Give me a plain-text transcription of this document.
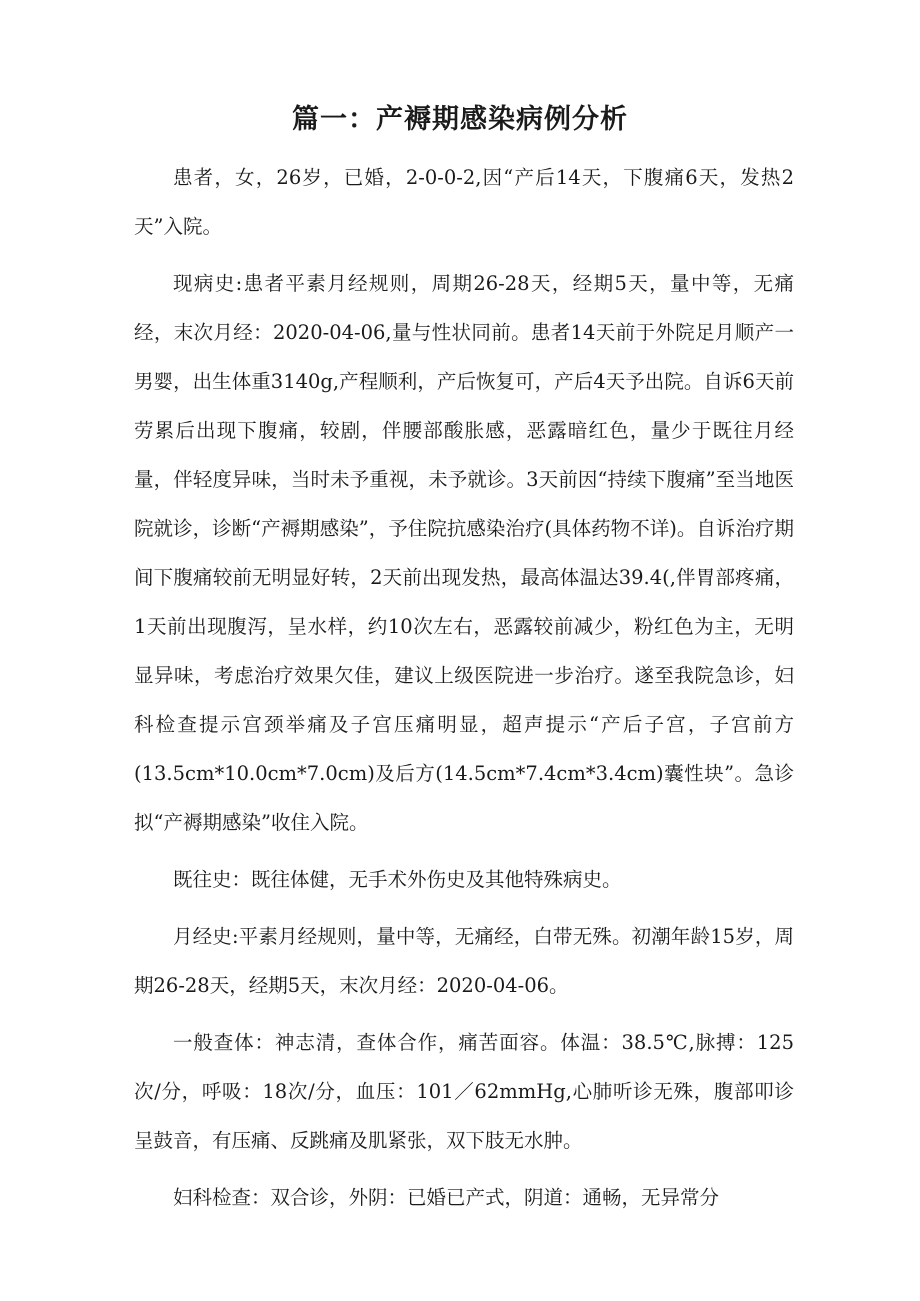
篇一：产褥期感染病例分析

患者，女，26岁，已婚，2-0-0-2,因“产后14天，下腹痛6天，发热2天”入院。

现病史:患者平素月经规则，周期26-28天，经期5天，量中等，无痛经，末次月经：2020-04-06,量与性状同前。患者14天前于外院足月顺产一男婴，出生体重3140g,产程顺利，产后恢复可，产后4天予出院。自诉6天前劳累后出现下腹痛，较剧，伴腰部酸胀感，恶露暗红色，量少于既往月经量，伴轻度异味，当时未予重视，未予就诊。3天前因“持续下腹痛”至当地医院就诊，诊断“产褥期感染”，予住院抗感染治疗(具体药物不详)。自诉治疗期间下腹痛较前无明显好转，2天前出现发热，最高体温达39.4(,伴胃部疼痛，1天前出现腹泻，呈水样，约10次左右，恶露较前减少，粉红色为主，无明显异味，考虑治疗效果欠佳，建议上级医院进一步治疗。遂至我院急诊，妇科检查提示宫颈举痛及子宫压痛明显，超声提示“产后子宫，子宫前方(13.5cm*10.0cm*7.0cm)及后方(14.5cm*7.4cm*3.4cm)囊性块”。急诊拟“产褥期感染”收住入院。

既往史：既往体健，无手术外伤史及其他特殊病史。

月经史:平素月经规则，量中等，无痛经，白带无殊。初潮年龄15岁，周期26-28天，经期5天，末次月经：2020-04-06。

一般查体：神志清，查体合作，痛苦面容。体温：38.5℃,脉搏：125次/分，呼吸：18次/分，血压：101／62mmHg,心肺听诊无殊，腹部叩诊呈鼓音，有压痛、反跳痛及肌紧张，双下肢无水肿。

妇科检查：双合诊，外阴：已婚已产式，阴道：通畅，无异常分
